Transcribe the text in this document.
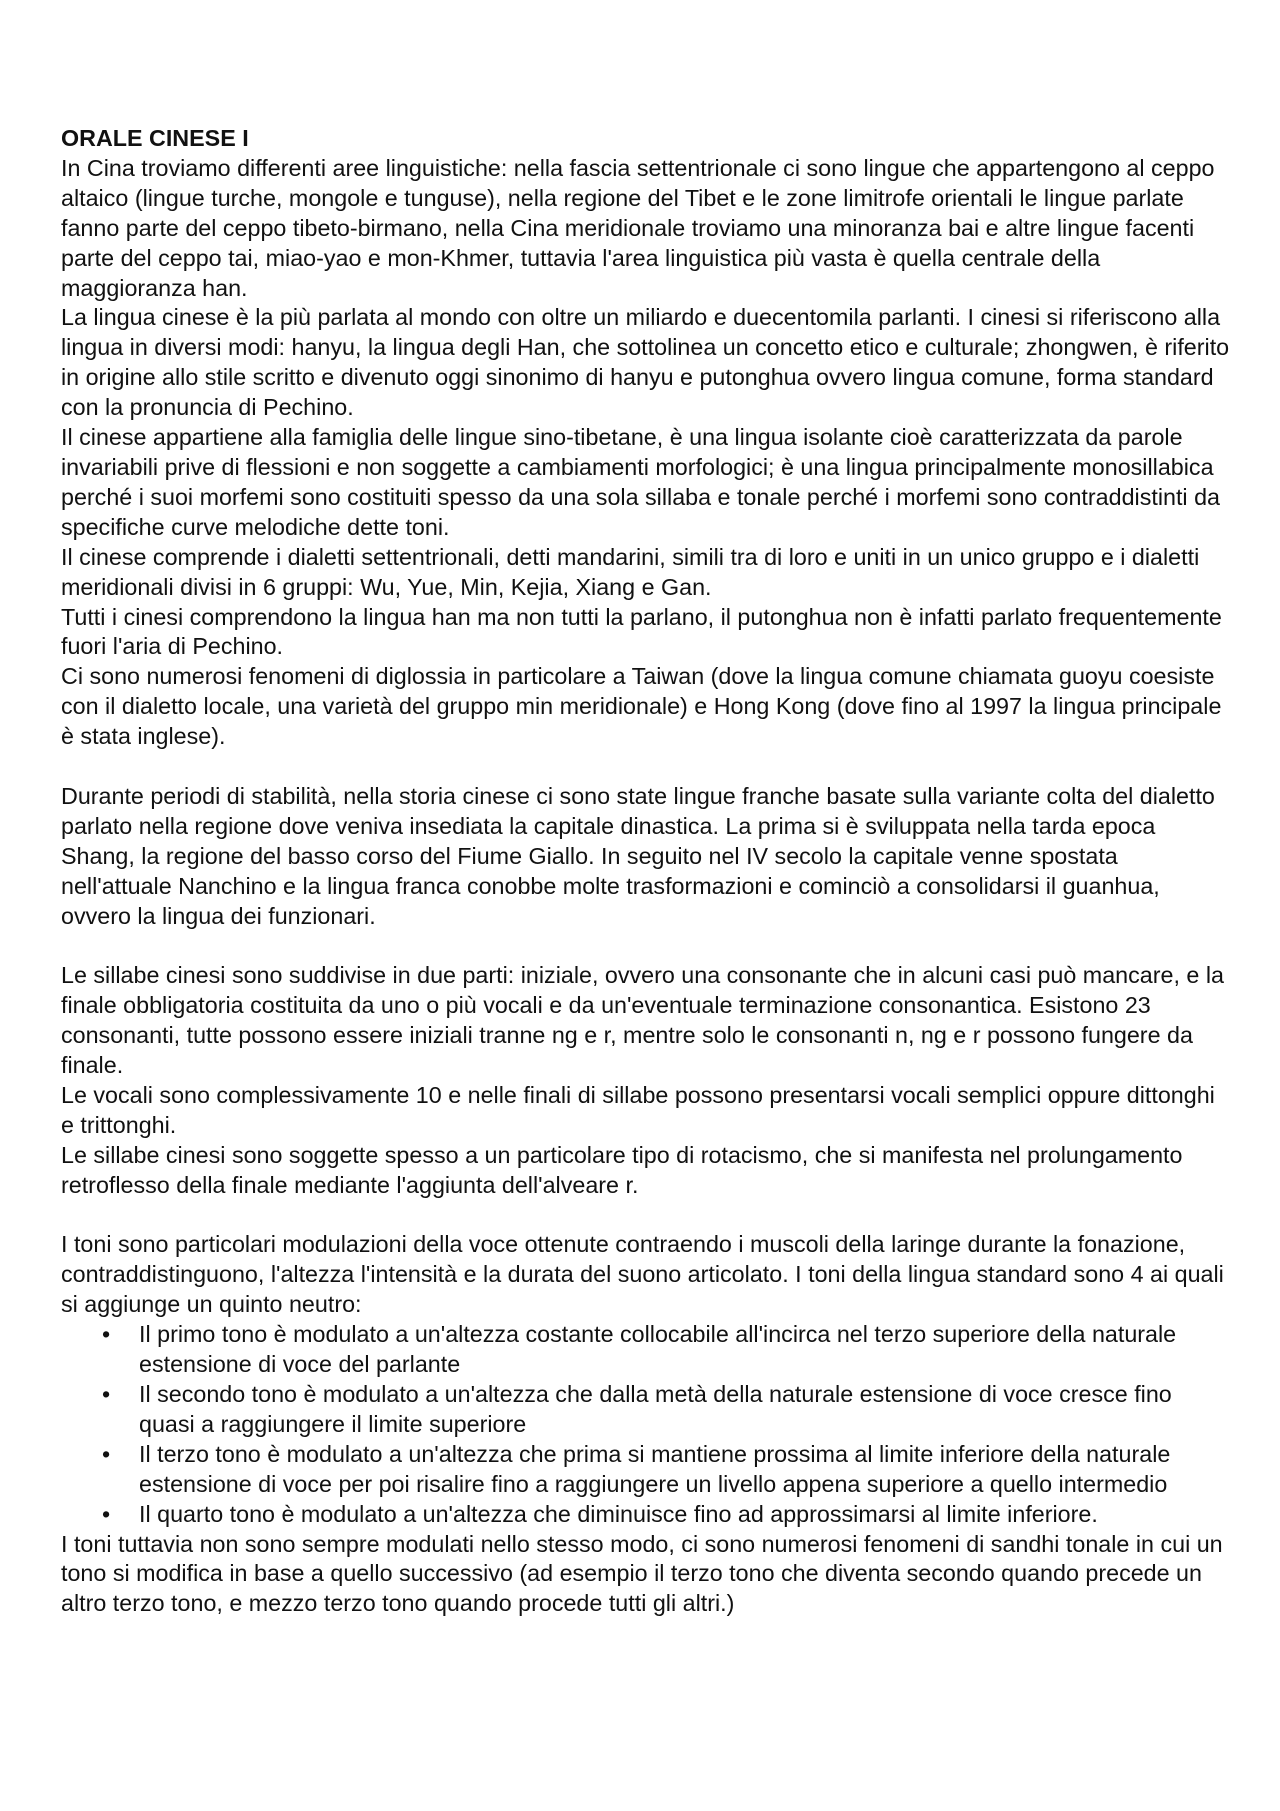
ORALE CINESE I

In Cina troviamo differenti aree linguistiche: nella fascia settentrionale ci sono lingue che appartengono al ceppo altaico (lingue turche, mongole e tunguse), nella regione del Tibet e le zone limitrofe orientali le lingue parlate fanno parte del ceppo tibeto-birmano, nella Cina meridionale troviamo una minoranza bai e altre lingue facenti parte del ceppo tai, miao-yao e mon-Khmer, tuttavia l'area linguistica più vasta è quella centrale della maggioranza han.

La lingua cinese è la più parlata al mondo con oltre un miliardo e duecentomila parlanti. I cinesi si riferiscono alla lingua in diversi modi: hanyu, la lingua degli Han, che sottolinea un concetto etico e culturale; zhongwen, è riferito in origine allo stile scritto e divenuto oggi sinonimo di hanyu e putonghua ovvero lingua comune, forma standard con la pronuncia di Pechino.

Il cinese appartiene alla famiglia delle lingue sino-tibetane, è una lingua isolante cioè caratterizzata da parole invariabili prive di flessioni e non soggette a cambiamenti morfologici; è una lingua principalmente monosillabica perché i suoi morfemi sono costituiti spesso da una sola sillaba e tonale perché i morfemi sono contraddistinti da specifiche curve melodiche dette toni.

Il cinese comprende i dialetti settentrionali, detti mandarini, simili tra di loro e uniti in un unico gruppo e i dialetti meridionali divisi in 6 gruppi: Wu, Yue, Min, Kejia, Xiang e Gan.

Tutti i cinesi comprendono la lingua han ma non tutti la parlano, il putonghua non è infatti parlato frequentemente fuori l'aria di Pechino.

Ci sono numerosi fenomeni di diglossia in particolare a Taiwan (dove la lingua comune chiamata guoyu coesiste con il dialetto locale, una varietà del gruppo min meridionale) e Hong Kong (dove fino al 1997 la lingua principale è stata inglese).

Durante periodi di stabilità, nella storia cinese ci sono state lingue franche basate sulla variante colta del dialetto parlato nella regione dove veniva insediata la capitale dinastica. La prima si è sviluppata nella tarda epoca Shang, la regione del basso corso del Fiume Giallo. In seguito nel IV secolo la capitale venne spostata nell'attuale Nanchino e la lingua franca conobbe molte trasformazioni e cominciò a consolidarsi il guanhua, ovvero la lingua dei funzionari.

Le sillabe cinesi sono suddivise in due parti: iniziale, ovvero una consonante che in alcuni casi può mancare, e la finale obbligatoria costituita da uno o più vocali e da un'eventuale terminazione consonantica. Esistono 23 consonanti, tutte possono essere iniziali tranne ng e r, mentre solo le consonanti n, ng e r possono fungere da finale.

Le vocali sono complessivamente 10 e nelle finali di sillabe possono presentarsi vocali semplici oppure dittonghi e trittonghi.

Le sillabe cinesi sono soggette spesso a un particolare tipo di rotacismo, che si manifesta nel prolungamento retroflesso della finale mediante l'aggiunta dell'alveare r.

I toni sono particolari modulazioni della voce ottenute contraendo i muscoli della laringe durante la fonazione, contraddistinguono, l'altezza l'intensità e la durata del suono articolato. I toni della lingua standard sono 4 ai quali si aggiunge un quinto neutro:

• Il primo tono è modulato a un'altezza costante collocabile all'incirca nel terzo superiore della naturale estensione di voce del parlante
• Il secondo tono è modulato a un'altezza che dalla metà della naturale estensione di voce cresce fino quasi a raggiungere il limite superiore
• Il terzo tono è modulato a un'altezza che prima si mantiene prossima al limite inferiore della naturale estensione di voce per poi risalire fino a raggiungere un livello appena superiore a quello intermedio
• Il quarto tono è modulato a un'altezza che diminuisce fino ad approssimarsi al limite inferiore.

I toni tuttavia non sono sempre modulati nello stesso modo, ci sono numerosi fenomeni di sandhi tonale in cui un tono si modifica in base a quello successivo (ad esempio il terzo tono che diventa secondo quando precede un altro terzo tono, e mezzo terzo tono quando procede tutti gli altri.)
